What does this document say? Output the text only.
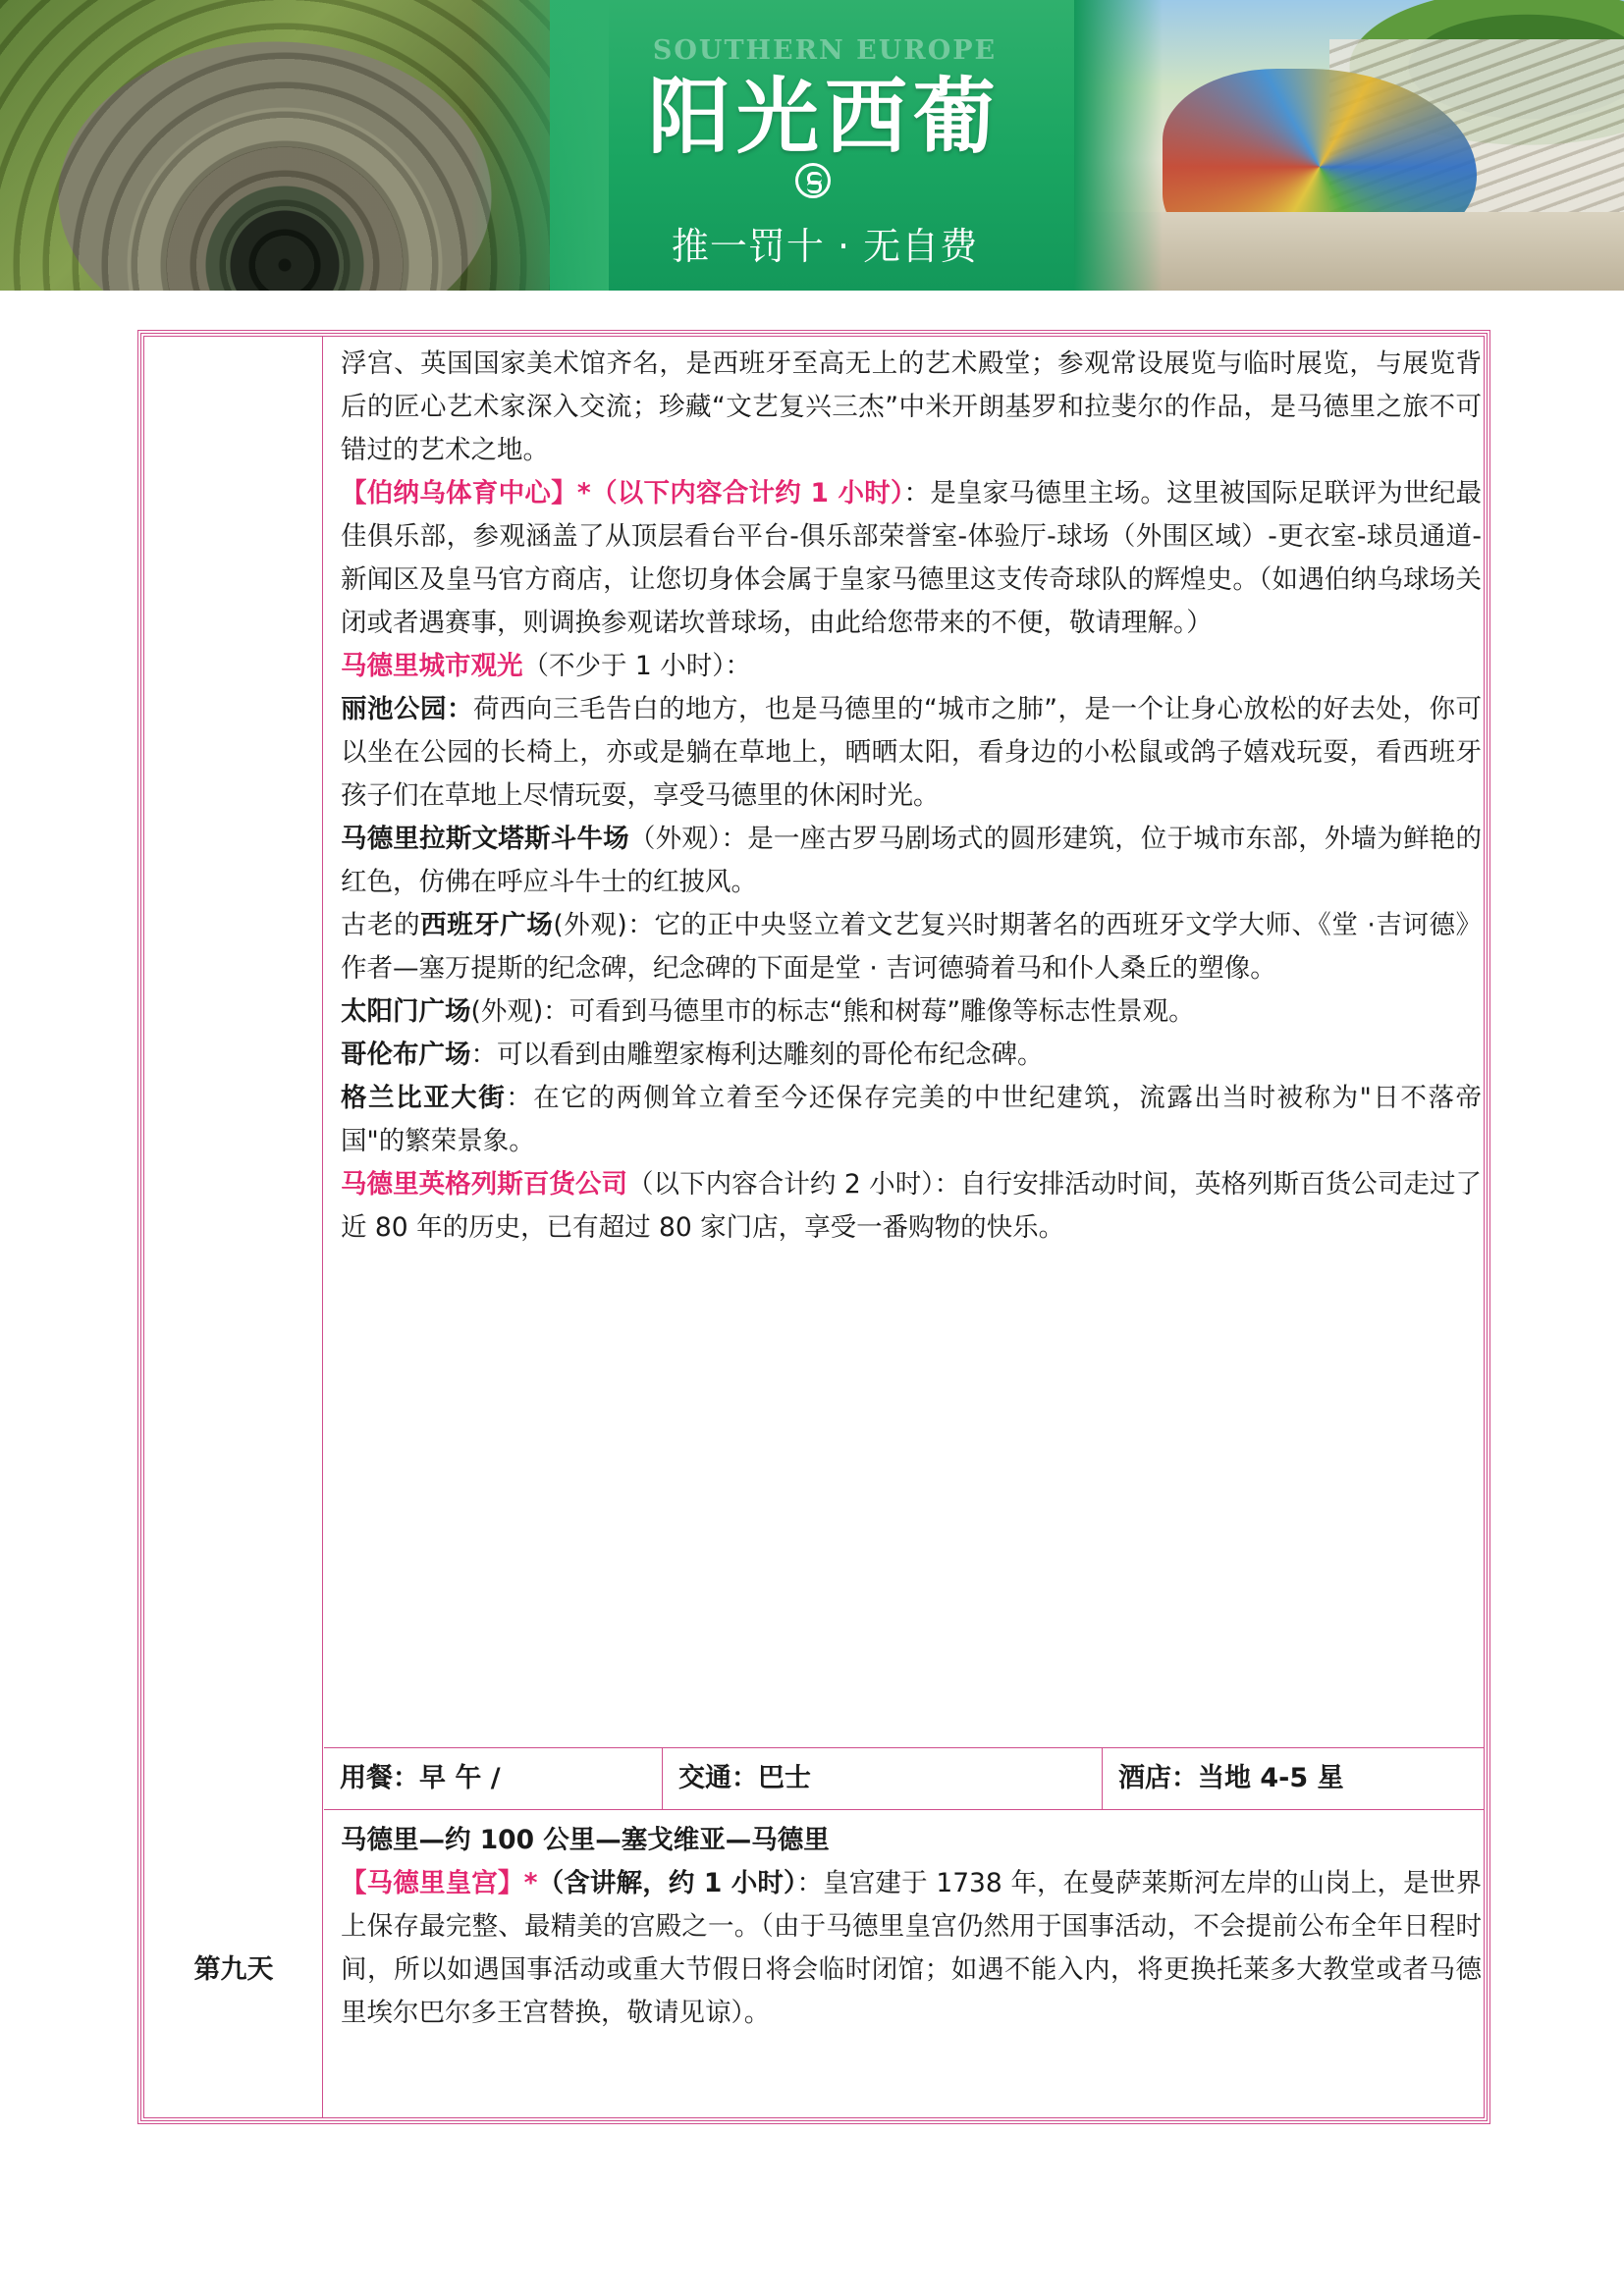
SOUTHERN EUROPE
阳光西葡
推一罚十 · 无自费

浮宫、英国国家美术馆齐名，是西班牙至高无上的艺术殿堂；参观常设展览与临时展览，与展览背后的匠心艺术家深入交流；珍藏“文艺复兴三杰”中米开朗基罗和拉斐尔的作品，是马德里之旅不可错过的艺术之地。

【伯纳乌体育中心】*（以下内容合计约 1 小时）：是皇家马德里主场。这里被国际足联评为世纪最佳俱乐部，参观涵盖了从顶层看台平台-俱乐部荣誉室-体验厅-球场（外围区域）-更衣室-球员通道-新闻区及皇马官方商店，让您切身体会属于皇家马德里这支传奇球队的辉煌史。（如遇伯纳乌球场关闭或者遇赛事，则调换参观诺坎普球场，由此给您带来的不便，敬请理解。）

马德里城市观光（不少于 1 小时）：

丽池公园：荷西向三毛告白的地方，也是马德里的“城市之肺”，是一个让身心放松的好去处，你可以坐在公园的长椅上，亦或是躺在草地上，晒晒太阳，看身边的小松鼠或鸽子嬉戏玩耍，看西班牙孩子们在草地上尽情玩耍，享受马德里的休闲时光。

马德里拉斯文塔斯斗牛场（外观）：是一座古罗马剧场式的圆形建筑，位于城市东部，外墙为鲜艳的红色，仿佛在呼应斗牛士的红披风。

古老的西班牙广场(外观)：它的正中央竖立着文艺复兴时期著名的西班牙文学大师、《堂 ·吉诃德》作者—塞万提斯的纪念碑，纪念碑的下面是堂 · 吉诃德骑着马和仆人桑丘的塑像。

太阳门广场(外观)：可看到马德里市的标志“熊和树莓”雕像等标志性景观。

哥伦布广场：可以看到由雕塑家梅利达雕刻的哥伦布纪念碑。

格兰比亚大街：在它的两侧耸立着至今还保存完美的中世纪建筑，流露出当时被称为"日不落帝国"的繁荣景象。

马德里英格列斯百货公司（以下内容合计约 2 小时）：自行安排活动时间，英格列斯百货公司走过了近 80 年的历史，已有超过 80 家门店，享受一番购物的快乐。

用餐：早 午 /	交通：巴士	酒店：当地 4-5 星
第九天

马德里—约 100 公里—塞戈维亚—马德里

【马德里皇宫】*（含讲解，约 1 小时）：皇宫建于 1738 年，在曼萨莱斯河左岸的山岗上，是世界上保存最完整、最精美的宫殿之一。（由于马德里皇宫仍然用于国事活动，不会提前公布全年日程时间，所以如遇国事活动或重大节假日将会临时闭馆；如遇不能入内，将更换托莱多大教堂或者马德里埃尔巴尔多王宫替换，敬请见谅）。
